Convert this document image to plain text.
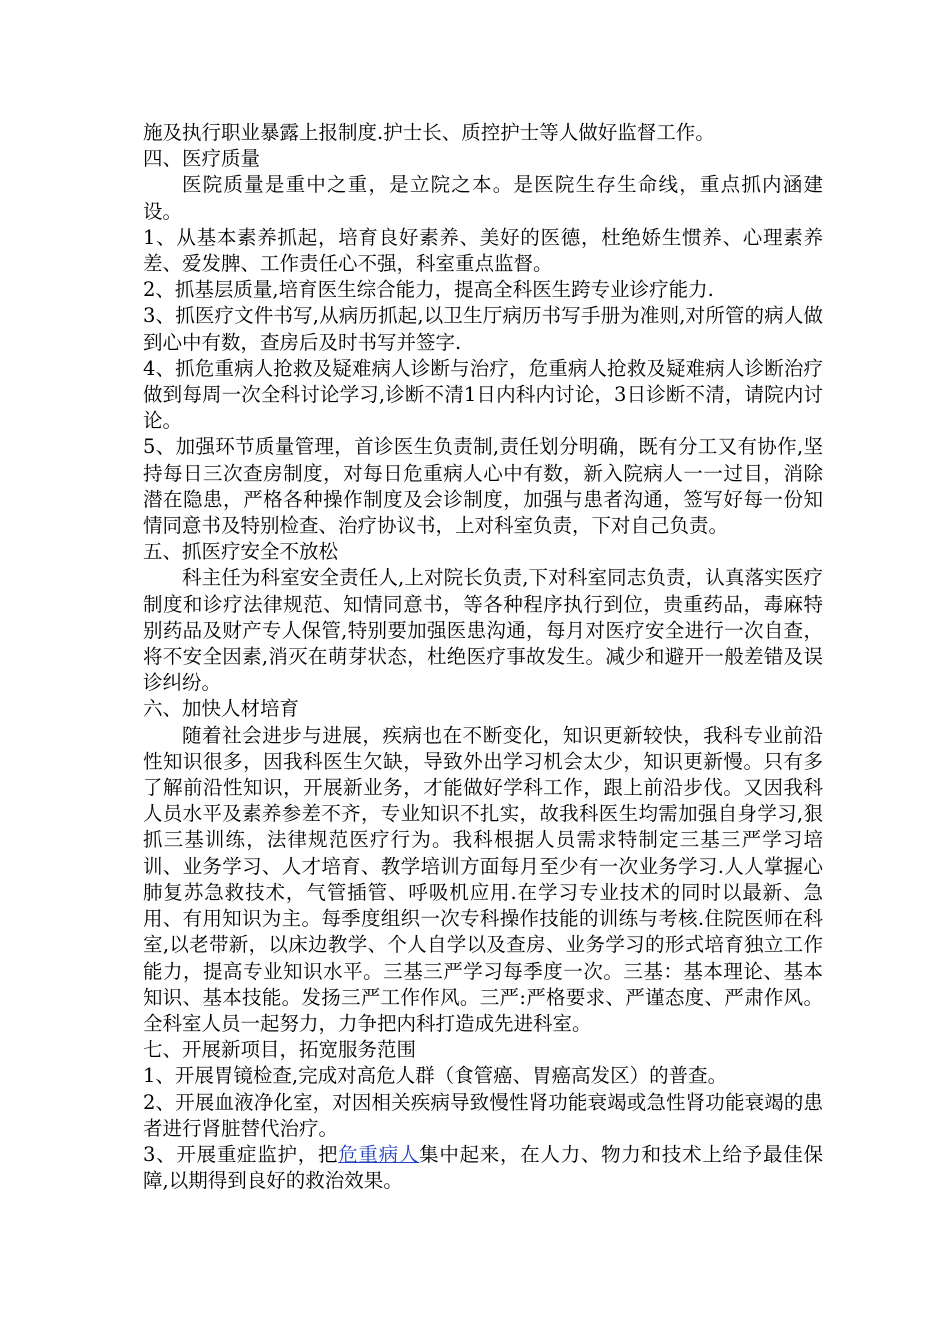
施及执行职业暴露上报制度.护士长、质控护士等人做好监督工作。

四、医疗质量

医院质量是重中之重，是立院之本。是医院生存生命线，重点抓内涵建设。

1、从基本素养抓起，培育良好素养、美好的医德，杜绝娇生惯养、心理素养差、爱发脾、工作责任心不强，科室重点监督。

2、抓基层质量,培育医生综合能力，提高全科医生跨专业诊疗能力.

3、抓医疗文件书写,从病历抓起,以卫生厅病历书写手册为准则,对所管的病人做到心中有数，查房后及时书写并签字.

4、抓危重病人抢救及疑难病人诊断与治疗，危重病人抢救及疑难病人诊断治疗做到每周一次全科讨论学习,诊断不清1日内科内讨论，3日诊断不清，请院内讨论。

5、加强环节质量管理，首诊医生负责制,责任划分明确，既有分工又有协作,坚持每日三次查房制度，对每日危重病人心中有数，新入院病人一一过目，消除潜在隐患，严格各种操作制度及会诊制度，加强与患者沟通，签写好每一份知情同意书及特别检查、治疗协议书，上对科室负责，下对自己负责。

五、抓医疗安全不放松

科主任为科室安全责任人,上对院长负责,下对科室同志负责，认真落实医疗制度和诊疗法律规范、知情同意书，等各种程序执行到位，贵重药品，毒麻特别药品及财产专人保管,特别要加强医患沟通，每月对医疗安全进行一次自查，将不安全因素,消灭在萌芽状态，杜绝医疗事故发生。减少和避开一般差错及误诊纠纷。

六、加快人材培育

随着社会进步与进展，疾病也在不断变化，知识更新较快，我科专业前沿性知识很多，因我科医生欠缺，导致外出学习机会太少，知识更新慢。只有多了解前沿性知识，开展新业务，才能做好学科工作，跟上前沿步伐。又因我科人员水平及素养参差不齐，专业知识不扎实，故我科医生均需加强自身学习,狠抓三基训练，法律规范医疗行为。我科根据人员需求特制定三基三严学习培训、业务学习、人才培育、教学培训方面每月至少有一次业务学习.人人掌握心肺复苏急救技术，气管插管、呼吸机应用.在学习专业技术的同时以最新、急用、有用知识为主。每季度组织一次专科操作技能的训练与考核.住院医师在科室,以老带新，以床边教学、个人自学以及查房、业务学习的形式培育独立工作能力，提高专业知识水平。三基三严学习每季度一次。三基：基本理论、基本知识、基本技能。发扬三严工作作风。三严:严格要求、严谨态度、严肃作风。全科室人员一起努力，力争把内科打造成先进科室。

七、开展新项目，拓宽服务范围

1、开展胃镜检查,完成对高危人群（食管癌、胃癌高发区）的普查。

2、开展血液净化室，对因相关疾病导致慢性肾功能衰竭或急性肾功能衰竭的患者进行肾脏替代治疗。

3、开展重症监护，把危重病人集中起来，在人力、物力和技术上给予最佳保障,以期得到良好的救治效果。
